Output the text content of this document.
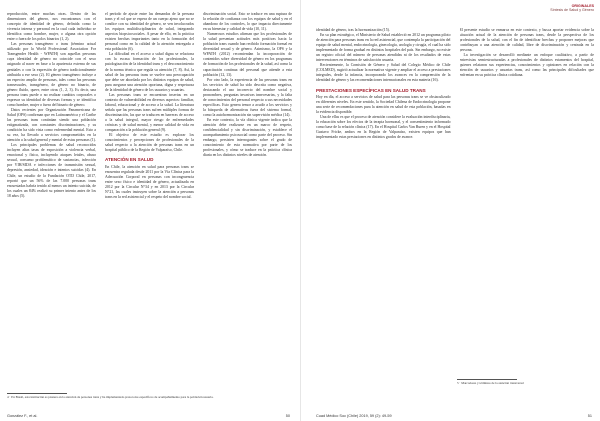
reproducción, entre muchas otras. Dentro de las dimensiones del género, nos encontramos con el concepto de identidad de género, definida como la vivencia interna y personal en la cual cada individuo se identifica como hombre, mujer, o alguna otra opción entre o fuera de los polos binarios (1, 2).

Las personas transgénero o trans (término actual utilizado por la World Professional Association For Transgender Health - WPATH) son aquellas personas cuya identidad de género no coincide con el sexo asignado al nacer en base a la apariencia externa de sus genitales o con la expresión de género tradicionalmente atribuida a ese sexo (2). El género transgénero incluye a un espectro amplio de personas, tales como las personas transexuales, transgénero, de género no binario, de género fluido, queer, entre otras (1, 2, 3). Es decir, una persona trans puede o no realizar cambios corporales o expresar su identidad de diversas formas y se identifica como hombre, mujer o fuera del binario de género.

Datos recientes por Organización Panamericana de Salud (OPS) confirman que en Latinoamérica y el Caribe las personas trans continúan siendo una población estigmatizada, con constantes discriminaciones, y su condición ha sido vista como enfermedad mental. Esto a su vez, ha llevado a servicios comprometidos en la atención a la salud general y mental de estas personas (1).

Los principales problemas de salud reconocidos incluyen altas tasas de exposición a violencia verbal, emocional y física, incluyendo ataques letales, abuso sexual, consumo problemático de sustancias, infección por VIH/SIDA e infecciones de transmisión sexual, depresión, ansiedad, ideación e intentos suicidas (4). En Chile, un estudio de la Fundación OTD Chile, 2017, reportó que un 56% de las 7.000 personas trans encuestadas habría tenido al menos un intento suicida, de los cuales un 84% realizó su primer intento antes de los 18 años (5).

el período de ajuste entre las demandas de la persona trans y el rol que se espera de un cuerpo ajeno que no se condice con su identidad de género, se ven involucrados los equipos multidisciplinarios de salud, integrando aspectos biopsicosociales. A pesar de ello, en la práctica existen brechas importantes tanto en la formación del personal como en la calidad de la atención entregada a esta población (6).

La dificultad en el acceso a salud digna se relaciona con la escasa formación de los profesionales, la patologización de la identidad trans y el desconocimiento de la norma técnica que regula su atención (7, 8). Así, la salud de las personas trans se vuelve una preocupación que debe ser abordada por los distintos equipos de salud, para asegurar una atención oportuna, digna y respetuosa de la identidad de género de los usuarios y usuarias.

Las personas trans se encuentran insertas en un contexto de vulnerabilidad en diversos aspectos: familiar, laboral, educacional y de acceso a la salud. La literatura señala que las personas trans sufren múltiples formas de discriminación, las que se traducen en barreras de acceso a la salud integral, mayor riesgo de enfermedades crónicas y de salud mental, y menor calidad de vida en comparación a la población general (9).

El objetivo de este estudio es explorar los conocimientos y percepciones de profesionales de la salud respecto a la atención de personas trans en un hospital público de la Región de Valparaíso, Chile.

ATENCIÓN EN SALUD

En Chile, la atención en salud para personas trans se encuentra regulada desde 2011 por la Vía Clínica para la Adecuación Corporal en personas con incongruencia entre sexo físico e identidad de género, actualizada en 2012 por la Circular N°34 y en 2013 por la Circular N°21, las cuales instruyen sobre la atención a personas trans en la red asistencial y el respeto del nombre social.

discriminación social. Esto se traduce en una ruptura de la relación de confianza con los equipos de salud y en el abandono de los controles, lo que impacta directamente en su bienestar y calidad de vida (10, 11).

Numerosos estudios afirman que los profesionales de la salud presentan actitudes más positivas hacia la población trans cuando han recibido formación formal en diversidad sexual y de género. Asimismo, la OPS y la WPATH (2012) recomiendan la incorporación de contenidos sobre diversidad de género en los programas de formación de los profesionales de la salud, así como la capacitación continua del personal que atiende a esta población (12, 13).

Por otro lado, la experiencia de las personas trans en los servicios de salud ha sido descrita como negativa, destacando el uso incorrecto del nombre social y pronombres, preguntas invasivas innecesarias, y la falta de conocimientos del personal respecto a sus necesidades específicas. Esto genera temor a acudir a los servicios y la búsqueda de alternativas fuera del sistema formal, como la autohormonización sin supervisión médica (14).

En este contexto, la vía clínica vigente indica que la atención debe realizarse en un marco de respeto, confidencialidad y sin discriminación, y establece el acompañamiento psicosocial como parte del proceso. Sin embargo, persisten interrogantes sobre el grado de conocimiento de esta normativa por parte de los profesionales, y cómo se traduce en la práctica clínica diaria en los distintos niveles de atención.

4 · En Brasil, esta institución es pionera en la atención de personas trans y ha implementado protocolos específicos de acompañamiento para la población usuaria.
González F., et al.	50
ORIGINALES
Síntesis de Salud y Género

identidad de género, tras la hormonización (15).

En su plan estratégico, el Ministerio de Salud estableció en 2012 un programa piloto de atención para personas trans en la red asistencial, que contempla la participación del equipo de salud mental, endocrinología, ginecología, urología y cirugía, el cual ha sido implementado de forma gradual en distintos hospitales del país. Sin embargo, no existe un registro oficial del número de personas atendidas ni de los resultados de estas intervenciones en términos de satisfacción usuaria.

Recientemente, la Comisión de Género y Salud del Colegio Médico de Chile (COLMED), sugirió actualizar la normativa vigente y ampliar el acceso a prestaciones integrales, desde la infancia, incorporando los avances en la comprensión de la identidad de género y las recomendaciones internacionales en esta materia (16).

PRESTACIONES ESPECÍFICAS EN SALUD TRANS

Hoy en día, el acceso a servicios de salud para las personas trans se ve obstaculizado en diferentes niveles. En este sentido, la Sociedad Chilena de Endocrinología propone una serie de recomendaciones para la atención en salud de esta población, basadas en la evidencia disponible.

Una de ellas es que el proceso de atención considere la evaluación interdisciplinaria, la educación sobre los efectos de la terapia hormonal, y el consentimiento informado como base de la relación clínica (17). En el Hospital Carlos Van Buren y en el Hospital Gustavo Fricke, ambos en la Región de Valparaíso, existen equipos que han implementado estas prestaciones en distintos grados de avance.

El presente estudio se enmarca en este contexto, y busca aportar evidencia sobre la situación actual de la atención de personas trans, desde la perspectiva de los profesionales de la salud, con el fin de identificar brechas y proponer mejoras que contribuyan a una atención de calidad, libre de discriminación y centrada en la persona.

La investigación se desarrolló mediante un enfoque cualitativo, a partir de entrevistas semiestructuradas a profesionales de distintos estamentos del hospital, quienes relataron sus experiencias, conocimientos y opiniones en relación con la atención de usuarios y usuarias trans, así como las principales dificultades que enfrentan en su práctica clínica cotidiana.

5 · Marcadores y términos de la atención transversal
Cuad Médico Soc (Chile) 2019, 59 (2): 49-59	51
